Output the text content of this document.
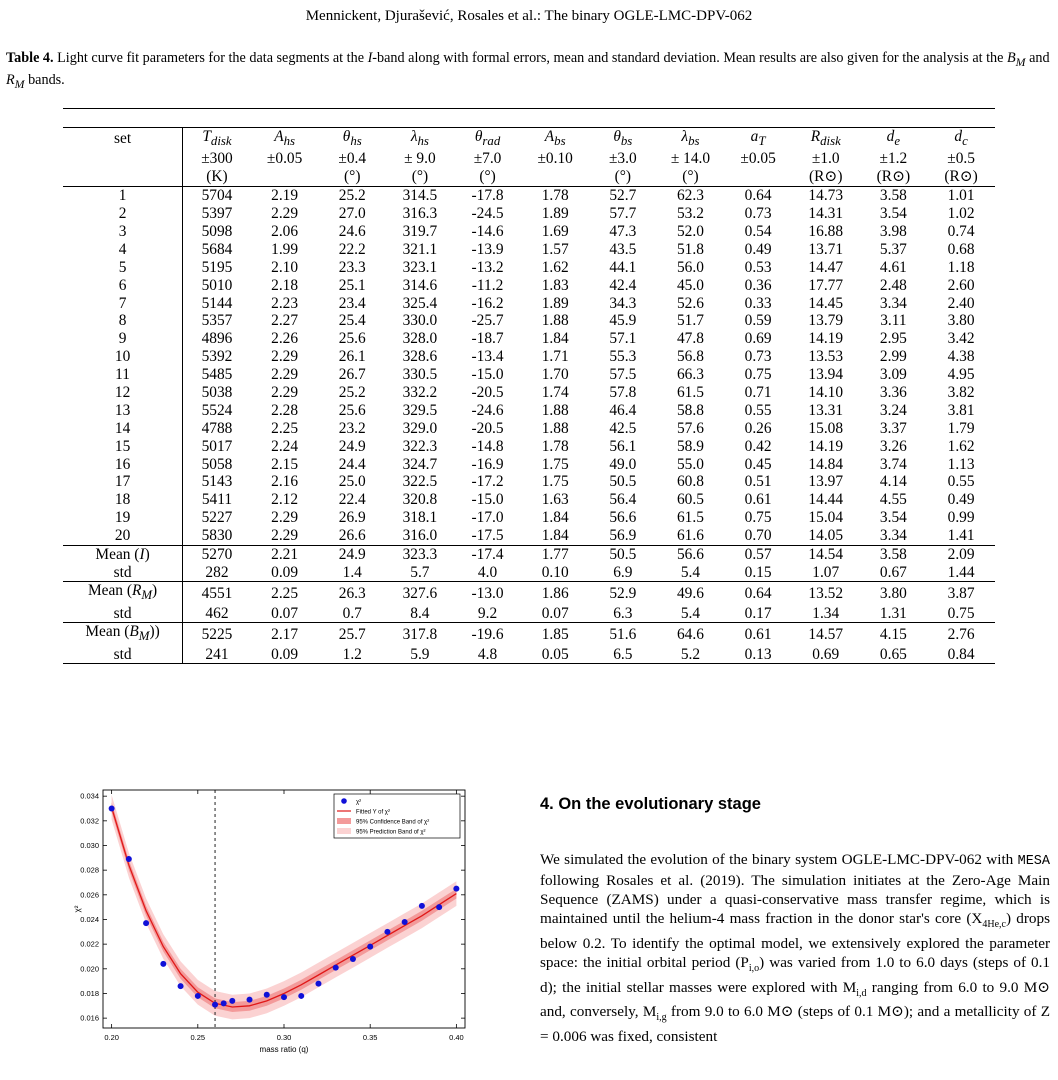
Mennickent, Djurašević, Rosales et al.: The binary OGLE-LMC-DPV-062
Table 4. Light curve fit parameters for the data segments at the I-band along with formal errors, mean and standard deviation. Mean results are also given for the analysis at the $B_M$ and $R_M$ bands.

set	$T_{disk}$	$A_{hs}$	$\theta_{hs}$	$\lambda_{hs}$	$\theta_{rad}$	$A_{bs}$	$\theta_{bs}$	$\lambda_{bs}$	$a_T$	$R_{disk}$	$d_e$	$d_c$
	±300	±0.05	±0.4	± 9.0	±7.0	±0.10	±3.0	± 14.0	±0.05	±1.0	±1.2	±0.5
	(K)		(°)	(°)	(°)		(°)	(°)		(R⊙)	(R⊙)	(R⊙)
1	5704	2.19	25.2	314.5	-17.8	1.78	52.7	62.3	0.64	14.73	3.58	1.01
2	5397	2.29	27.0	316.3	-24.5	1.89	57.7	53.2	0.73	14.31	3.54	1.02
3	5098	2.06	24.6	319.7	-14.6	1.69	47.3	52.0	0.54	16.88	3.98	0.74
4	5684	1.99	22.2	321.1	-13.9	1.57	43.5	51.8	0.49	13.71	5.37	0.68
5	5195	2.10	23.3	323.1	-13.2	1.62	44.1	56.0	0.53	14.47	4.61	1.18
6	5010	2.18	25.1	314.6	-11.2	1.83	42.4	45.0	0.36	17.77	2.48	2.60
7	5144	2.23	23.4	325.4	-16.2	1.89	34.3	52.6	0.33	14.45	3.34	2.40
8	5357	2.27	25.4	330.0	-25.7	1.88	45.9	51.7	0.59	13.79	3.11	3.80
9	4896	2.26	25.6	328.0	-18.7	1.84	57.1	47.8	0.69	14.19	2.95	3.42
10	5392	2.29	26.1	328.6	-13.4	1.71	55.3	56.8	0.73	13.53	2.99	4.38
11	5485	2.29	26.7	330.5	-15.0	1.70	57.5	66.3	0.75	13.94	3.09	4.95
12	5038	2.29	25.2	332.2	-20.5	1.74	57.8	61.5	0.71	14.10	3.36	3.82
13	5524	2.28	25.6	329.5	-24.6	1.88	46.4	58.8	0.55	13.31	3.24	3.81
14	4788	2.25	23.2	329.0	-20.5	1.88	42.5	57.6	0.26	15.08	3.37	1.79
15	5017	2.24	24.9	322.3	-14.8	1.78	56.1	58.9	0.42	14.19	3.26	1.62
16	5058	2.15	24.4	324.7	-16.9	1.75	49.0	55.0	0.45	14.84	3.74	1.13
17	5143	2.16	25.0	322.5	-17.2	1.75	50.5	60.8	0.51	13.97	4.14	0.55
18	5411	2.12	22.4	320.8	-15.0	1.63	56.4	60.5	0.61	14.44	4.55	0.49
19	5227	2.29	26.9	318.1	-17.0	1.84	56.6	61.5	0.75	15.04	3.54	0.99
20	5830	2.29	26.6	316.0	-17.5	1.84	56.9	61.6	0.70	14.05	3.34	1.41
Mean (I)	5270	2.21	24.9	323.3	-17.4	1.77	50.5	56.6	0.57	14.54	3.58	2.09
std	282	0.09	1.4	5.7	4.0	0.10	6.9	5.4	0.15	1.07	0.67	1.44
Mean $(R_M)$	4551	2.25	26.3	327.6	-13.0	1.86	52.9	49.6	0.64	13.52	3.80	3.87
std	462	0.07	0.7	8.4	9.2	0.07	6.3	5.4	0.17	1.34	1.31	0.75
Mean $(B_M)$)	5225	2.17	25.7	317.8	-19.6	1.85	51.6	64.6	0.61	14.57	4.15	2.76
std	241	0.09	1.2	5.9	4.8	0.05	6.5	5.2	0.13	0.69	0.65	0.84
0.20	0.25	0.30	0.35	0.40
0.016
0.018
0.020
0.022
0.024
0.026
0.028
0.030
0.032
0.034
mass ratio (q)
χ²
χ²
Fitted Y of χ²
95% Confidence Band of χ²
95% Prediction Band of χ²
4. On the evolutionary stage
We simulated the evolution of the binary system OGLE-LMC-DPV-062 with MESA following Rosales et al. (2019). The simulation initiates at the Zero-Age Main Sequence (ZAMS) under a quasi-conservative mass transfer regime, which is maintained until the helium-4 mass fraction in the donor star's core $(X_{4He,c})$ drops below 0.2. To identify the optimal model, we extensively explored the parameter space: the initial orbital period $(P_{i,o})$ was varied from 1.0 to 6.0 days (steps of 0.1 d); the initial stellar masses were explored with $M_{i,d}$ ranging from 6.0 to 9.0 M⊙ and, conversely, $M_{i,g}$ from 9.0 to 6.0 M⊙ (steps of 0.1 M⊙); and a metallicity of Z = 0.006 was fixed, consistent
